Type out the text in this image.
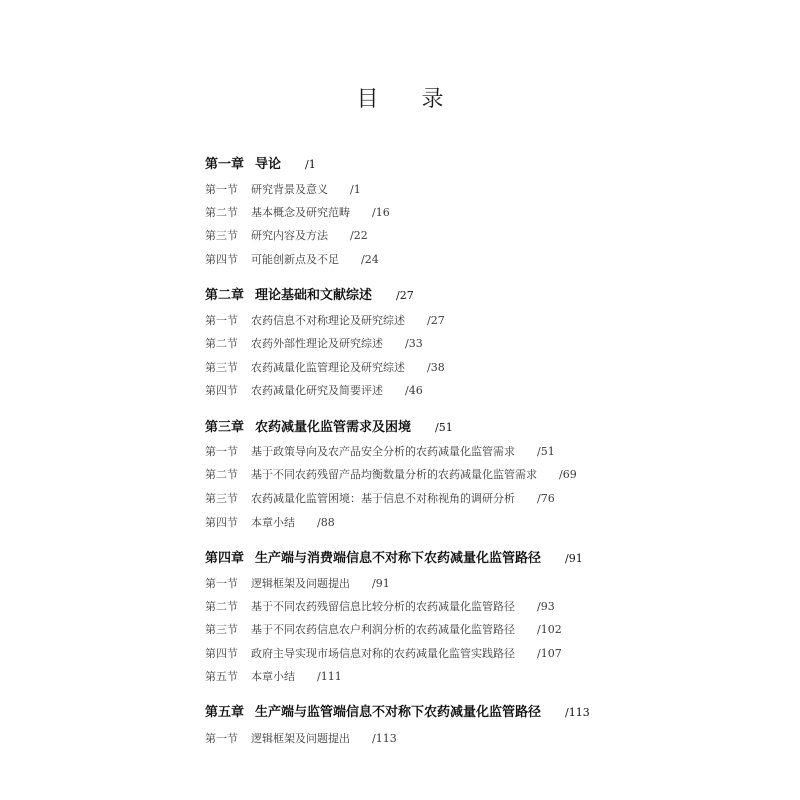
目 录
第一章 导论 /1
第一节	研究背景及意义 /1
第二节	基本概念及研究范畴 /16
第三节	研究内容及方法 /22
第四节	可能创新点及不足 /24
第二章 理论基础和文献综述 /27
第一节	农药信息不对称理论及研究综述 /27
第二节	农药外部性理论及研究综述 /33
第三节	农药减量化监管理论及研究综述 /38
第四节	农药减量化研究及简要评述 /46
第三章 农药减量化监管需求及困境 /51
第一节	基于政策导向及农产品安全分析的农药减量化监管需求 /51
第二节	基于不同农药残留产品均衡数量分析的农药减量化监管需求 /69
第三节	农药减量化监管困境：基于信息不对称视角的调研分析 /76
第四节	本章小结 /88
第四章 生产端与消费端信息不对称下农药减量化监管路径 /91
第一节	逻辑框架及问题提出 /91
第二节	基于不同农药残留信息比较分析的农药减量化监管路径 /93
第三节	基于不同农药信息农户利润分析的农药减量化监管路径 /102
第四节	政府主导实现市场信息对称的农药减量化监管实践路径 /107
第五节	本章小结 /111
第五章 生产端与监管端信息不对称下农药减量化监管路径 /113
第一节	逻辑框架及问题提出 /113
